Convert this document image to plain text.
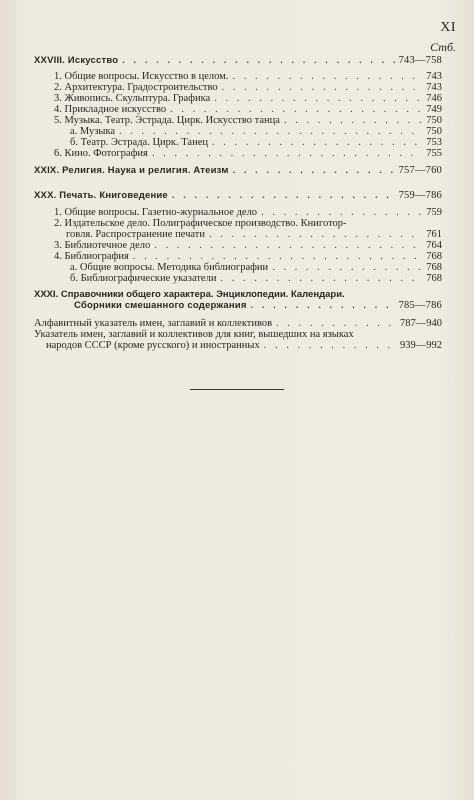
XI
Стб.
XXVIII. Искусство . . .	743—758
1. Общие вопросы. Искусство в целом. . . .	743
2. Архитектура. Градостроительство . . .	743
3. Живопись. Скульптура. Графика . . .	746
4. Прикладное искусство . . .	749
5. Музыка. Театр. Эстрада. Цирк. Искусство танца . . .	750
а. Музыка . . .	750
б. Театр. Эстрада. Цирк. Танец . . .	753
6. Кино. Фотография . . .	755
XXIX. Религия. Наука и религия. Атеизм . . .	757—760
XXX. Печать. Книговедение . . .	759—786
1. Общие вопросы. Газетно-журнальное дело . . .	759
2. Издательское дело. Полиграфическое производство. Книготор-
говля. Распространение печати . . .	761
3. Библиотечное дело . . .	764
4. Библиография . . .	768
а. Общие вопросы. Методика библиографии . . .	768
б. Библиографические указатели . . .	768
XXXI. Справочники общего характера. Энциклопедии. Календари.
Сборники смешанного содержания . . .	785—786
Алфавитный указатель имен, заглавий и коллективов . . .	787—940
Указатель имен, заглавий и коллективов для книг, вышедших на языках
народов СССР (кроме русского) и иностранных . . .	939—992
